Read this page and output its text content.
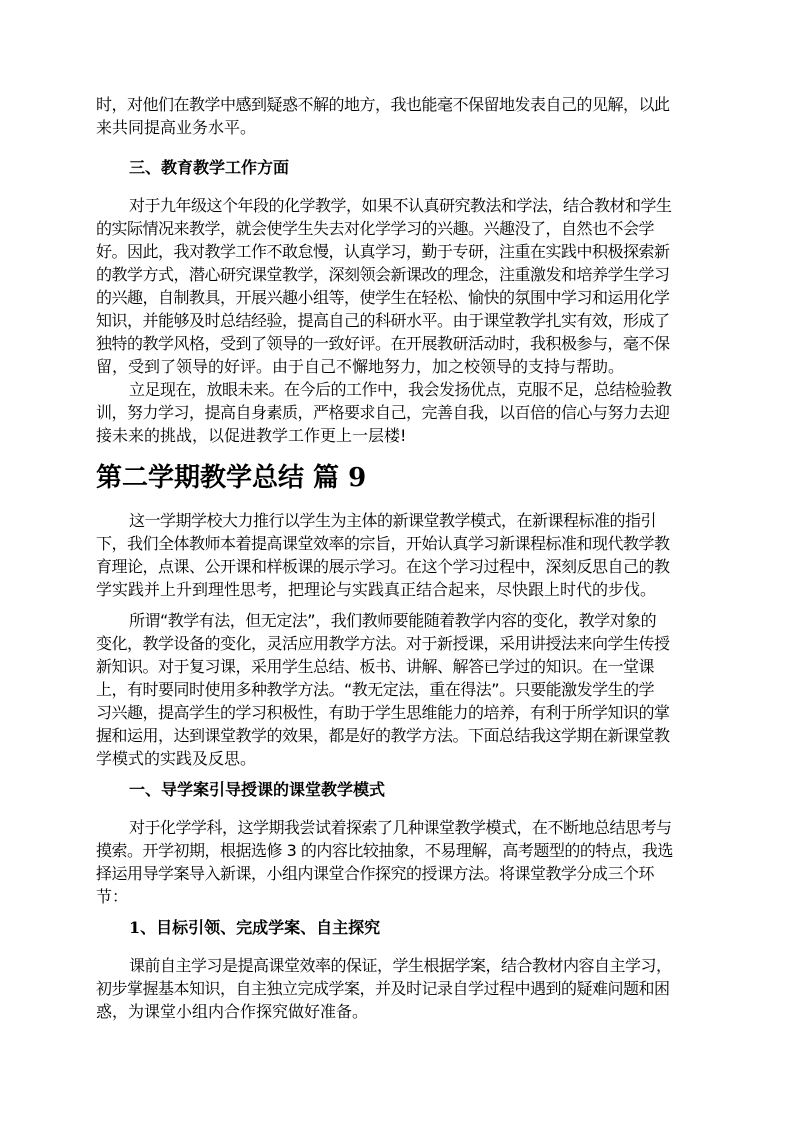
时，对他们在教学中感到疑惑不解的地方，我也能毫不保留地发表自己的见解，以此

来共同提高业务水平。

三、教育教学工作方面

对于九年级这个年段的化学教学，如果不认真研究教法和学法，结合教材和学生

的实际情况来教学，就会使学生失去对化学学习的兴趣。兴趣没了，自然也不会学

好。因此，我对教学工作不敢怠慢，认真学习，勤于专研，注重在实践中积极探索新

的教学方式，潜心研究课堂教学，深刻领会新课改的理念，注重激发和培养学生学习

的兴趣，自制教具，开展兴趣小组等，使学生在轻松、愉快的氛围中学习和运用化学

知识，并能够及时总结经验，提高自己的科研水平。由于课堂教学扎实有效，形成了

独特的教学风格，受到了领导的一致好评。在开展教研活动时，我积极参与，毫不保

留，受到了领导的好评。由于自己不懈地努力，加之校领导的支持与帮助。

立足现在，放眼未来。在今后的工作中，我会发扬优点，克服不足，总结检验教

训，努力学习，提高自身素质，严格要求自己，完善自我，以百倍的信心与努力去迎

接未来的挑战，以促进教学工作更上一层楼!

第二学期教学总结 篇 9

这一学期学校大力推行以学生为主体的新课堂教学模式，在新课程标准的指引

下，我们全体教师本着提高课堂效率的宗旨，开始认真学习新课程标准和现代教学教

育理论，点课、公开课和样板课的展示学习。在这个学习过程中，深刻反思自己的教

学实践并上升到理性思考，把理论与实践真正结合起来，尽快跟上时代的步伐。

所谓“教学有法，但无定法”，我们教师要能随着教学内容的变化，教学对象的

变化，教学设备的变化，灵活应用教学方法。对于新授课，采用讲授法来向学生传授

新知识。对于复习课，采用学生总结、板书、讲解、解答已学过的知识。在一堂课

上，有时要同时使用多种教学方法。“教无定法，重在得法”。只要能激发学生的学

习兴趣，提高学生的学习积极性，有助于学生思维能力的培养，有利于所学知识的掌

握和运用，达到课堂教学的效果，都是好的教学方法。下面总结我这学期在新课堂教

学模式的实践及反思。

一、导学案引导授课的课堂教学模式

对于化学学科，这学期我尝试着探索了几种课堂教学模式，在不断地总结思考与

摸索。开学初期，根据选修 3 的内容比较抽象，不易理解，高考题型的的特点，我选

择运用导学案导入新课，小组内课堂合作探究的授课方法。将课堂教学分成三个环

节：

1、目标引领、完成学案、自主探究

课前自主学习是提高课堂效率的保证，学生根据学案，结合教材内容自主学习，

初步掌握基本知识，自主独立完成学案，并及时记录自学过程中遇到的疑难问题和困

惑，为课堂小组内合作探究做好准备。
